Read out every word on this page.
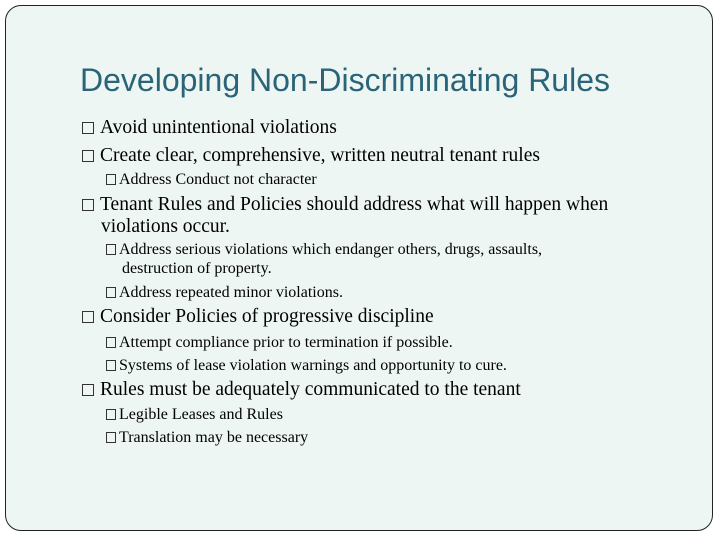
Developing Non-Discriminating Rules
Avoid unintentional violations
Create clear, comprehensive, written neutral tenant rules
Address Conduct not character
Tenant Rules and Policies should address what will happen when
violations occur.
Address serious violations which endanger others, drugs, assaults,
destruction of property.
Address repeated minor violations.
Consider Policies of progressive discipline
Attempt compliance prior to termination if possible.
Systems of lease violation warnings and opportunity to cure.
Rules must be adequately communicated to the tenant
Legible Leases and Rules
Translation may be necessary
